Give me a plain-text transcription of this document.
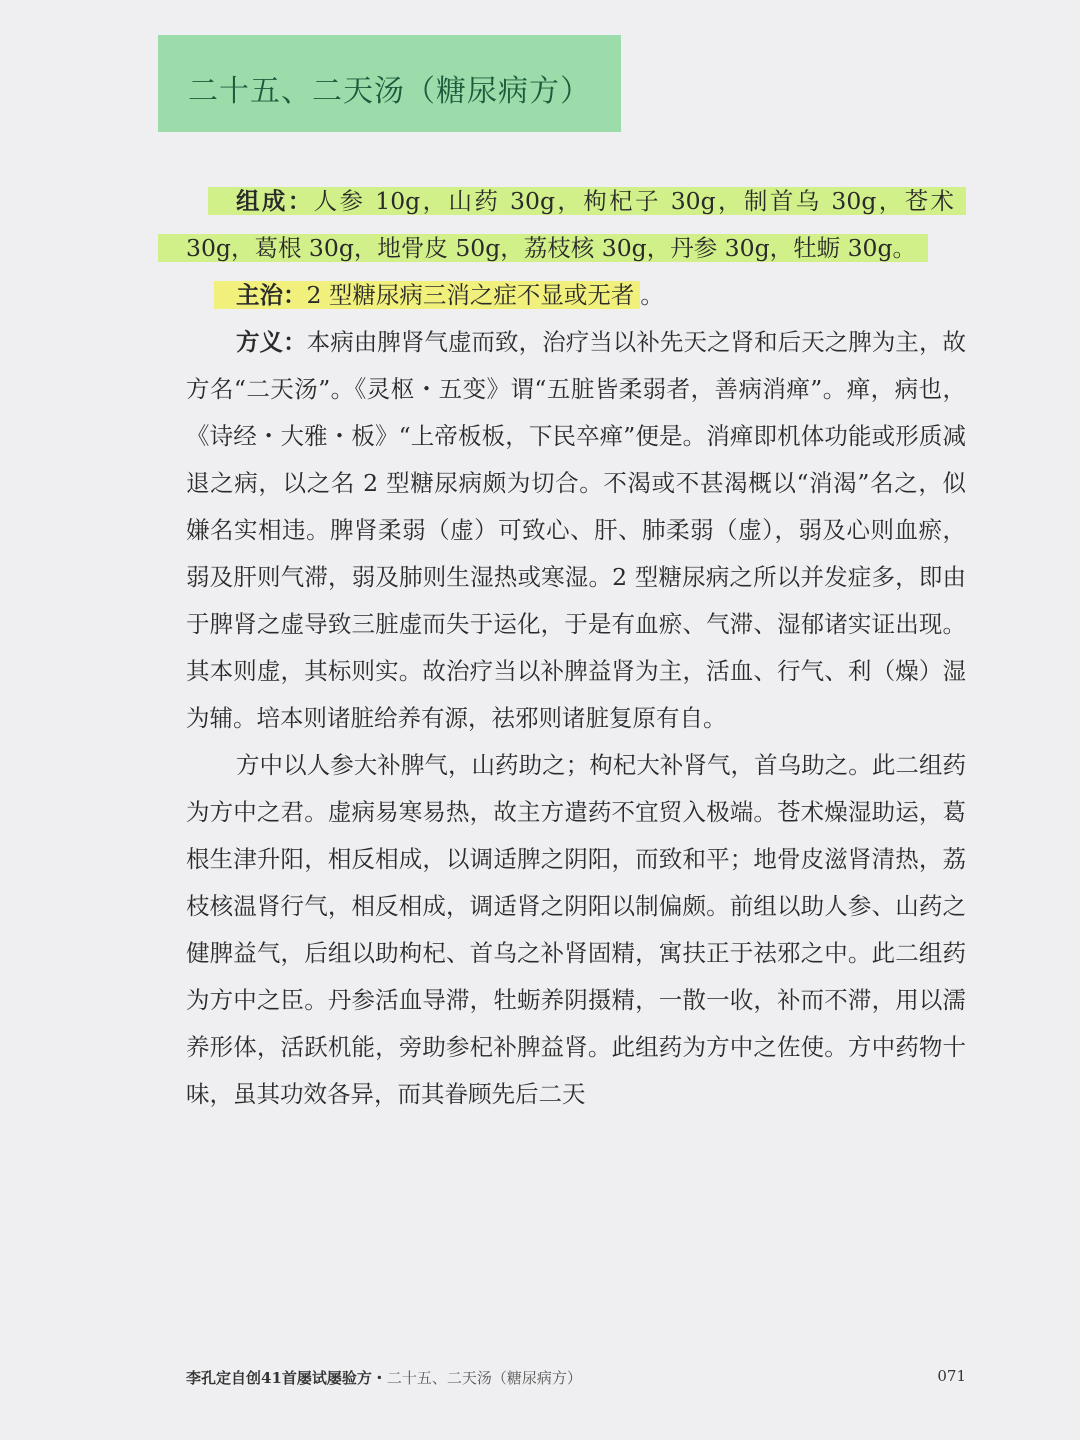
二十五、二天汤（糖尿病方）

组成：人参 10g，山药 30g，枸杞子 30g，制首乌 30g，苍术 30g，葛根 30g，地骨皮 50g，荔枝核 30g，丹参 30g，牡蛎 30g。

主治：2 型糖尿病三消之症不显或无者 。

方义：本病由脾肾气虚而致，治疗当以补先天之肾和后天之脾为主，故方名“二天汤”。《灵枢・五变》谓“五脏皆柔弱者，善病消瘅”。瘅，病也，《诗经・大雅・板》“上帝板板，下民卒瘅”便是。消瘅即机体功能或形质减退之病，以之名 2 型糖尿病颇为切合。不渴或不甚渴概以“消渴”名之，似嫌名实相违。脾肾柔弱（虚）可致心、肝、肺柔弱（虚），弱及心则血瘀，弱及肝则气滞，弱及肺则生湿热或寒湿。2 型糖尿病之所以并发症多，即由于脾肾之虚导致三脏虚而失于运化，于是有血瘀、气滞、湿郁诸实证出现。其本则虚，其标则实。故治疗当以补脾益肾为主，活血、行气、利（燥）湿为辅。培本则诸脏给养有源，祛邪则诸脏复原有自。

方中以人参大补脾气，山药助之；枸杞大补肾气，首乌助之。此二组药为方中之君。虚病易寒易热，故主方遣药不宜贸入极端。苍术燥湿助运，葛根生津升阳，相反相成，以调适脾之阴阳，而致和平；地骨皮滋肾清热，荔枝核温肾行气，相反相成，调适肾之阴阳以制偏颇。前组以助人参、山药之健脾益气，后组以助枸杞、首乌之补肾固精，寓扶正于祛邪之中。此二组药为方中之臣。丹参活血导滞，牡蛎养阴摄精，一散一收，补而不滞，用以濡养形体，活跃机能，旁助参杞补脾益肾。此组药为方中之佐使。方中药物十味，虽其功效各异，而其眷顾先后二天

李孔定自创41首屡试屡验方・二十五、二天汤（糖尿病方）	071
